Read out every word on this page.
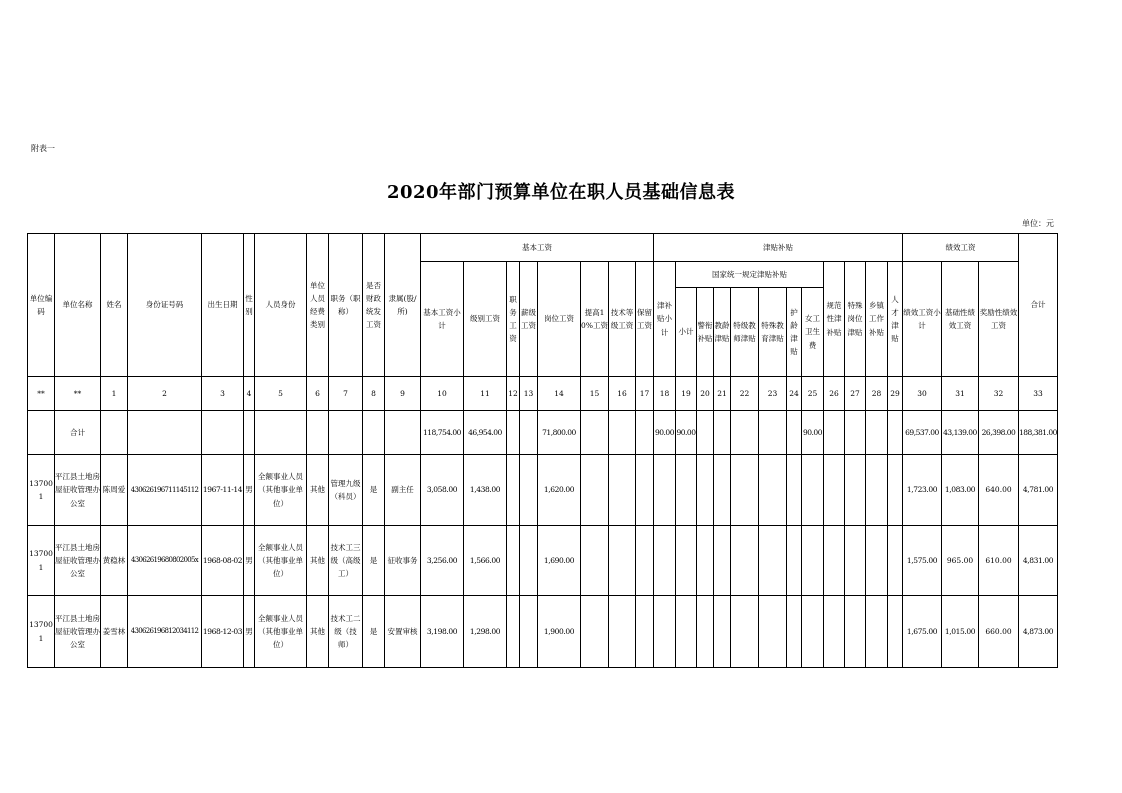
附表一
2020年部门预算单位在职人员基础信息表
单位：元
单位编码	单位名称	姓名	身份证号码	出生日期	性别	人员身份	单位人员经费类别	职务（职称）	是否财政统发工资	隶属(股/所)	基本工资								津贴补贴												绩效工资			合计
											基本工资小计	级别工资	职务工资	薪级工资	岗位工资	提高10%工资	技术等级工资	保留工资	津补贴小计	国家统一规定津贴补贴							规范性津补贴	特殊岗位津贴	乡镇工作补贴	人才津贴	绩效工资小计	基础性绩效工资	奖励性绩效工资	
																				小计	警衔补贴	教龄津贴	特级教师津贴	特殊教育津贴	护龄津贴	女工卫生费								
**	**	1	2	3	4	5	6	7	8	9	10	11	12	13	14	15	16	17	18	19	20	21	22	23	24	25	26	27	28	29	30	31	32	33
	合计										118,754.00	46,954.00			71,800.00				90.00	90.00						90.00					69,537.00	43,139.00	26,398.00	188,381.00
137001	平江县土地房屋征收管理办公室	陈周爱	430626196711145112	1967-11-14	男	全额事业人员（其他事业单位）	其他	管理九级（科员）	是	副主任	3,058.00	1,438.00			1,620.00																1,723.00	1,083.00	640.00	4,781.00
137001	平江县土地房屋征收管理办公室	黄稳林	43062619680802005x	1968-08-02	男	全额事业人员（其他事业单位）	其他	技术工三级（高级工）	是	征收事务	3,256.00	1,566.00			1,690.00																1,575.00	965.00	610.00	4,831.00
137001	平江县土地房屋征收管理办公室	姜雪林	430626196812034112	1968-12-03	男	全额事业人员（其他事业单位）	其他	技术工二级（技师）	是	安置审核	3,198.00	1,298.00			1,900.00																1,675.00	1,015.00	660.00	4,873.00
